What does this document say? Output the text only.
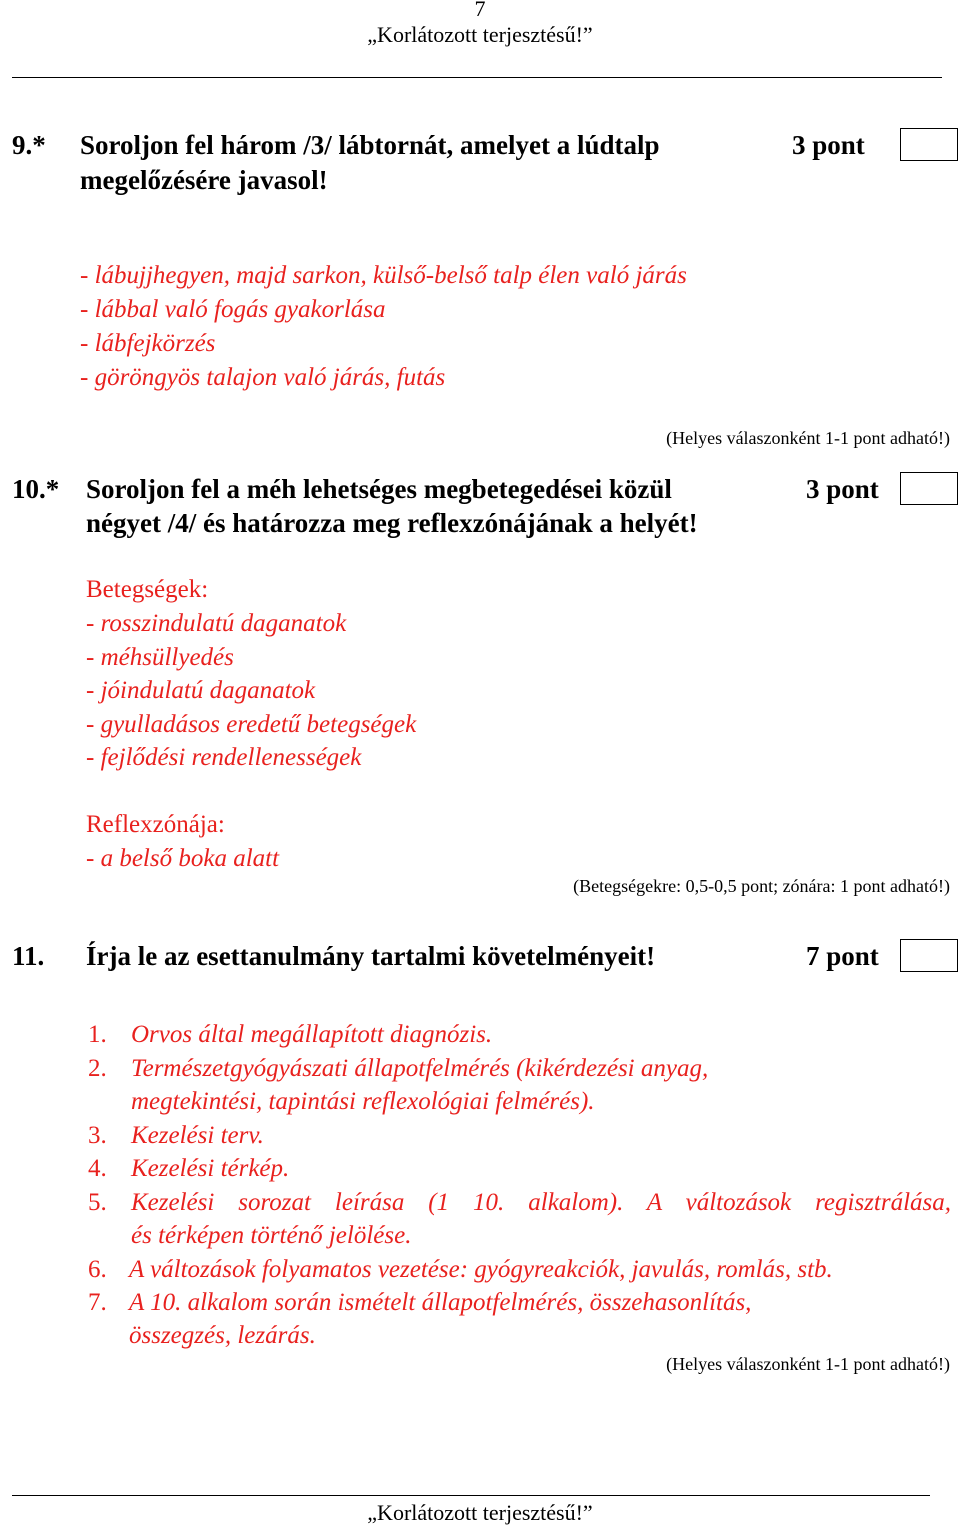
7
„Korlátozott terjesztésű!”
9.* Soroljon fel három /3/ lábtornát, amelyet a lúdtalp
megelőzésére javasol!
3 pont
- lábujjhegyen, majd sarkon, külső-belső talp élen való járás
- lábbal való fogás gyakorlása
- lábfejkörzés
- göröngyös talajon való járás, futás
(Helyes válaszonként 1-1 pont adható!)
10.* Soroljon fel a méh lehetséges megbetegedései közül
négyet /4/ és határozza meg reflexzónájának a helyét!
3 pont
Betegségek:
- rosszindulatú daganatok
- méhsüllyedés
- jóindulatú daganatok
- gyulladásos eredetű betegségek
- fejlődési rendellenességek
Reflexzónája:
- a belső boka alatt
(Betegségekre: 0,5-0,5 pont; zónára: 1 pont adható!)
11. Írja le az esettanulmány tartalmi követelményeit!	7 pont
1. Orvos által megállapított diagnózis.
2. Természetgyógyászati állapotfelmérés (kikérdezési anyag,
megtekintési, tapintási reflexológiai felmérés).
3. Kezelési terv.
4. Kezelési térkép.
5. Kezelési sorozat leírása (1 10. alkalom). A változások regisztrálása,
és térképen történő jelölése.
6. A változások folyamatos vezetése: gyógyreakciók, javulás, romlás, stb.
7. A 10. alkalom során ismételt állapotfelmérés, összehasonlítás,
összegzés, lezárás.
(Helyes válaszonként 1-1 pont adható!)
„Korlátozott terjesztésű!”
